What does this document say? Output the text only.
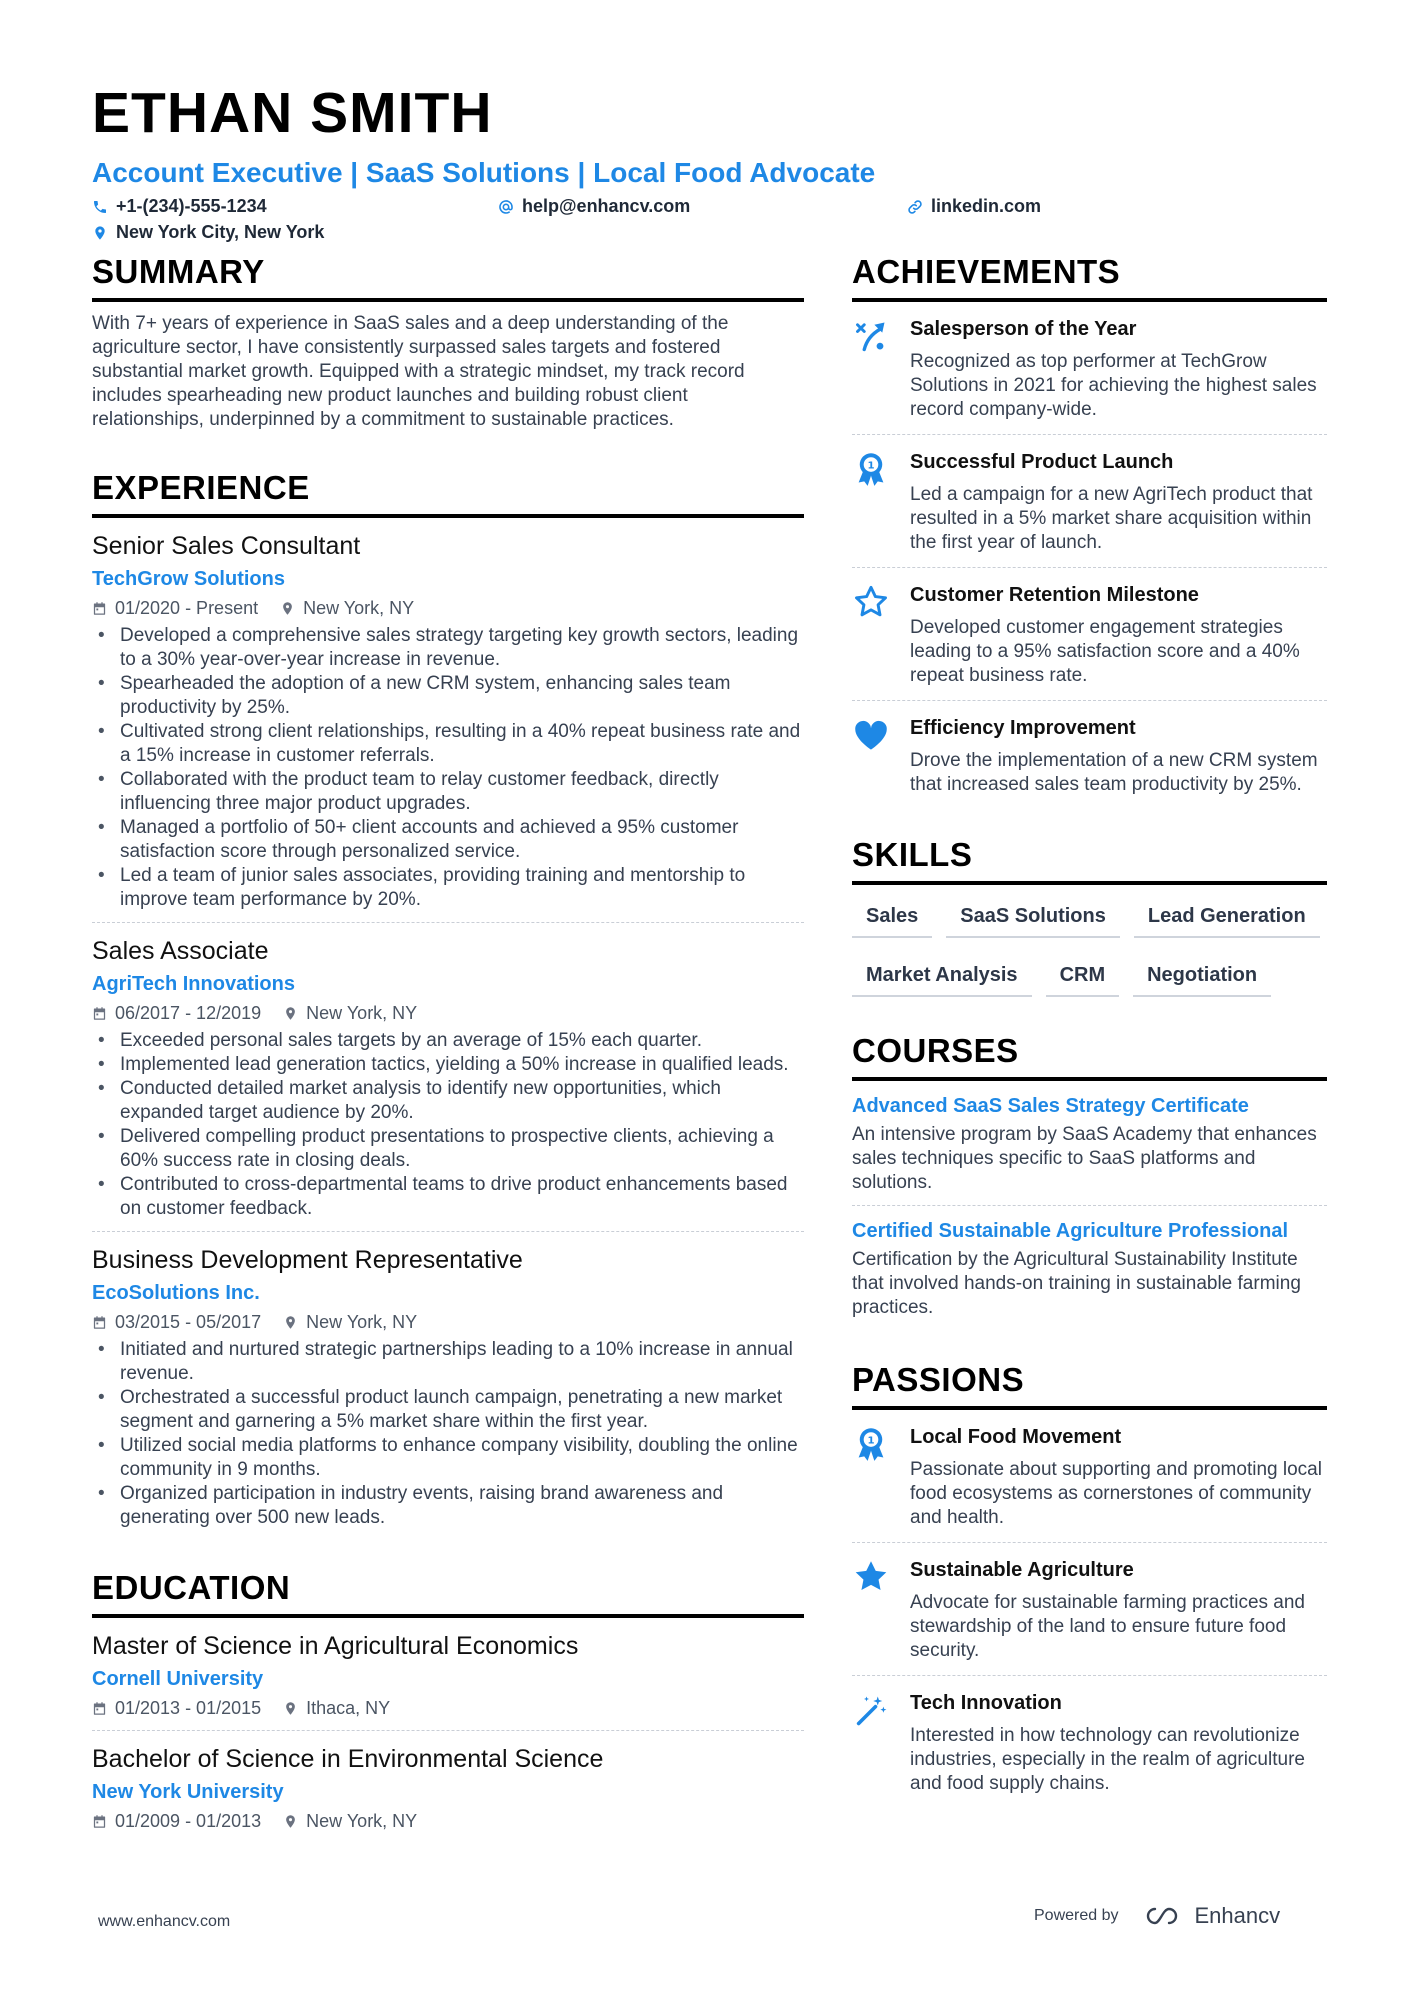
ETHAN SMITH
Account Executive | SaaS Solutions | Local Food Advocate
+1-(234)-555-1234	help@enhancv.com	linkedin.com
New York City, New York
SUMMARY

With 7+ years of experience in SaaS sales and a deep understanding of the agriculture sector, I have consistently surpassed sales targets and fostered substantial market growth. Equipped with a strategic mindset, my track record includes spearheading new product launches and building robust client relationships, underpinned by a commitment to sustainable practices.

EXPERIENCE
Senior Sales Consultant
TechGrow Solutions
01/2020 - Present	New York, NY
• Developed a comprehensive sales strategy targeting key growth sectors, leading to a 30% year-over-year increase in revenue.
• Spearheaded the adoption of a new CRM system, enhancing sales team productivity by 25%.
• Cultivated strong client relationships, resulting in a 40% repeat business rate and a 15% increase in customer referrals.
• Collaborated with the product team to relay customer feedback, directly influencing three major product upgrades.
• Managed a portfolio of 50+ client accounts and achieved a 95% customer satisfaction score through personalized service.
• Led a team of junior sales associates, providing training and mentorship to improve team performance by 20%.
Sales Associate
AgriTech Innovations
06/2017 - 12/2019	New York, NY
• Exceeded personal sales targets by an average of 15% each quarter.
• Implemented lead generation tactics, yielding a 50% increase in qualified leads.
• Conducted detailed market analysis to identify new opportunities, which expanded target audience by 20%.
• Delivered compelling product presentations to prospective clients, achieving a 60% success rate in closing deals.
• Contributed to cross-departmental teams to drive product enhancements based on customer feedback.
Business Development Representative
EcoSolutions Inc.
03/2015 - 05/2017	New York, NY
• Initiated and nurtured strategic partnerships leading to a 10% increase in annual revenue.
• Orchestrated a successful product launch campaign, penetrating a new market segment and garnering a 5% market share within the first year.
• Utilized social media platforms to enhance company visibility, doubling the online community in 9 months.
• Organized participation in industry events, raising brand awareness and generating over 500 new leads.
EDUCATION
Master of Science in Agricultural Economics
Cornell University
01/2013 - 01/2015	Ithaca, NY
Bachelor of Science in Environmental Science
New York University
01/2009 - 01/2013	New York, NY
ACHIEVEMENTS
Salesperson of the Year
Recognized as top performer at TechGrow Solutions in 2021 for achieving the highest sales record company-wide.
1 Successful Product Launch
Led a campaign for a new AgriTech product that resulted in a 5% market share acquisition within the first year of launch.
Customer Retention Milestone
Developed customer engagement strategies leading to a 95% satisfaction score and a 40% repeat business rate.
Efficiency Improvement
Drove the implementation of a new CRM system that increased sales team productivity by 25%.
SKILLS
Sales	SaaS Solutions	Lead Generation
Market Analysis	CRM	Negotiation
COURSES
Advanced SaaS Sales Strategy Certificate
An intensive program by SaaS Academy that enhances sales techniques specific to SaaS platforms and solutions.
Certified Sustainable Agriculture Professional
Certification by the Agricultural Sustainability Institute that involved hands-on training in sustainable farming practices.
PASSIONS
1 Local Food Movement
Passionate about supporting and promoting local food ecosystems as cornerstones of community and health.
Sustainable Agriculture
Advocate for sustainable farming practices and stewardship of the land to ensure future food security.
Tech Innovation
Interested in how technology can revolutionize industries, especially in the realm of agriculture and food supply chains.
www.enhancv.com	Powered by	Enhancv
